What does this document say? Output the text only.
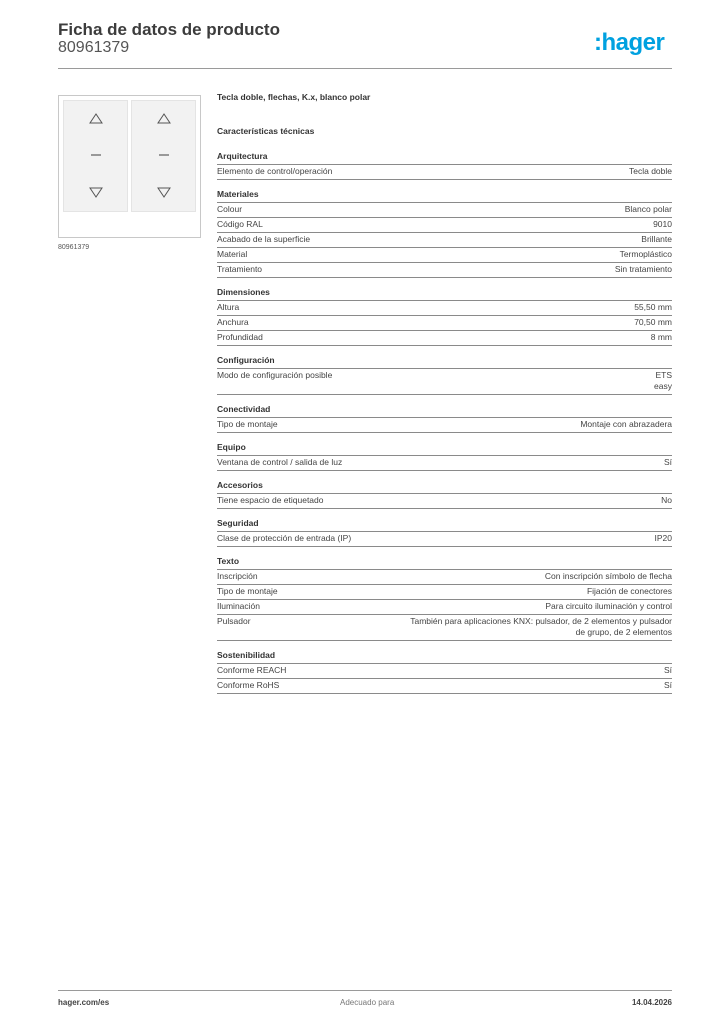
Ficha de datos de producto
80961379	:hager
80961379
Tecla doble, flechas, K.x, blanco polar
Características técnicas
Arquitectura
Elemento de control/operación	Tecla doble
Materiales
Colour	Blanco polar
Código RAL	9010
Acabado de la superficie	Brillante
Material	Termoplástico
Tratamiento	Sin tratamiento
Dimensiones
Altura	55,50 mm
Anchura	70,50 mm
Profundidad	8 mm
Configuración
Modo de configuración posible	ETS
easy
Conectividad
Tipo de montaje	Montaje con abrazadera
Equipo
Ventana de control / salida de luz	Sí
Accesorios
Tiene espacio de etiquetado	No
Seguridad
Clase de protección de entrada (IP)	IP20
Texto
Inscripción	Con inscripción símbolo de flecha
Tipo de montaje	Fijación de conectores
Iluminación	Para circuito iluminación y control
Pulsador	También para aplicaciones KNX: pulsador, de 2 elementos y pulsador
de grupo, de 2 elementos
Sostenibilidad
Conforme REACH	Sí
Conforme RoHS	Sí
hager.com/es	Adecuado para	14.04.2026
